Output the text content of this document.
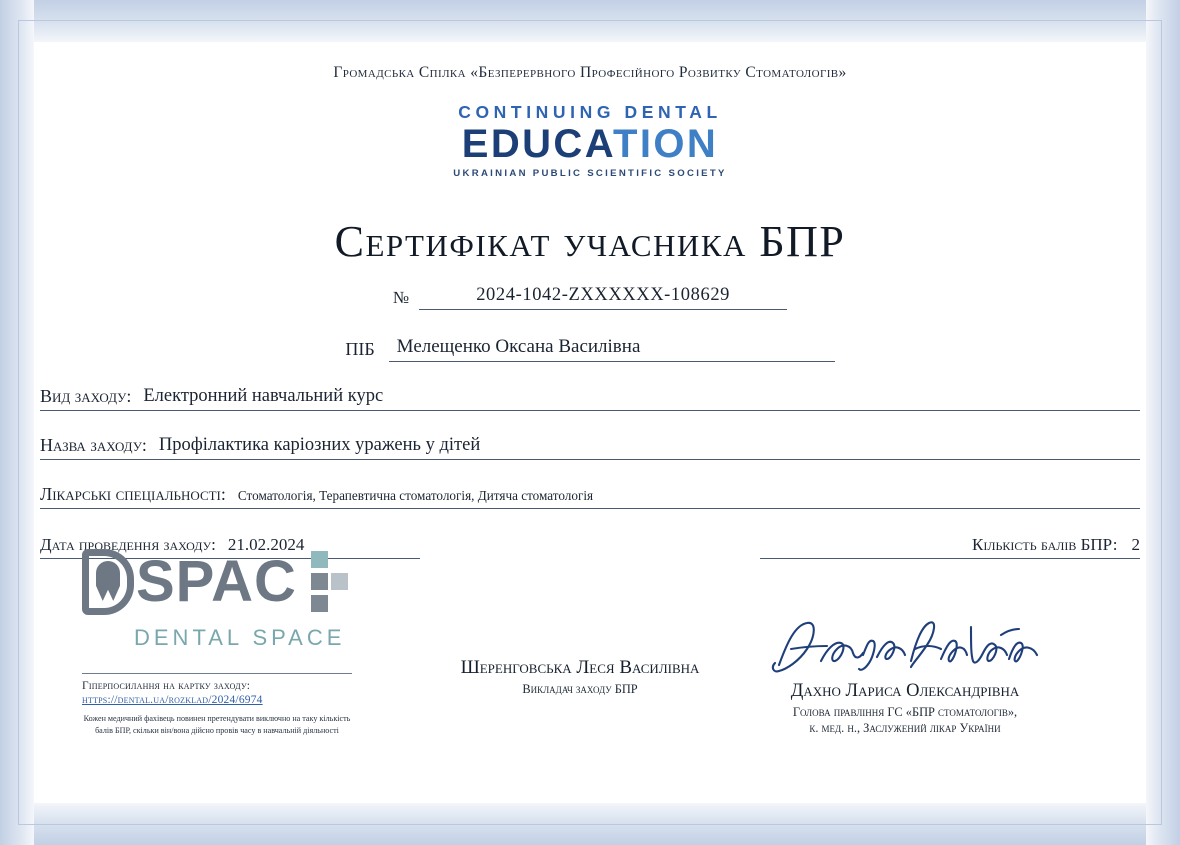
Громадська Спілка «Безперервного Професійного Розвитку Стоматологів»
CONTINUING DENTAL
EDUCATION
UKRAINIAN PUBLIC SCIENTIFIC SOCIETY
Сертифікат учасника БПР
№	2024-1042-ZXXXXXX-108629
ПІБ	Мелещенко Оксана Василівна
Вид заходу: Електронний навчальний курс
Назва заходу: Профілактика каріозних уражень у дітей
Лікарські спеціальності: Стоматологія, Терапевтична стоматологія, Дитяча стоматологія
Дата проведення заходу: 21.02.2024	Кількість балів БПР: 2
SPAC
DENTAL SPACE
Гіперпосилання на картку заходу:
https://dental.ua/rozklad/2024/6974
Кожен медичний фахівець повинен претендувати виключно на таку кількість балів БПР, скільки він/вона дійсно провів часу в навчальній діяльності
Шеренговська Леся Василівна
Викладач заходу БПР	Дахно Лариса Олександрівна
Голова правління ГС «БПР стоматологів»,
к. мед. н., Заслужений лікар України
